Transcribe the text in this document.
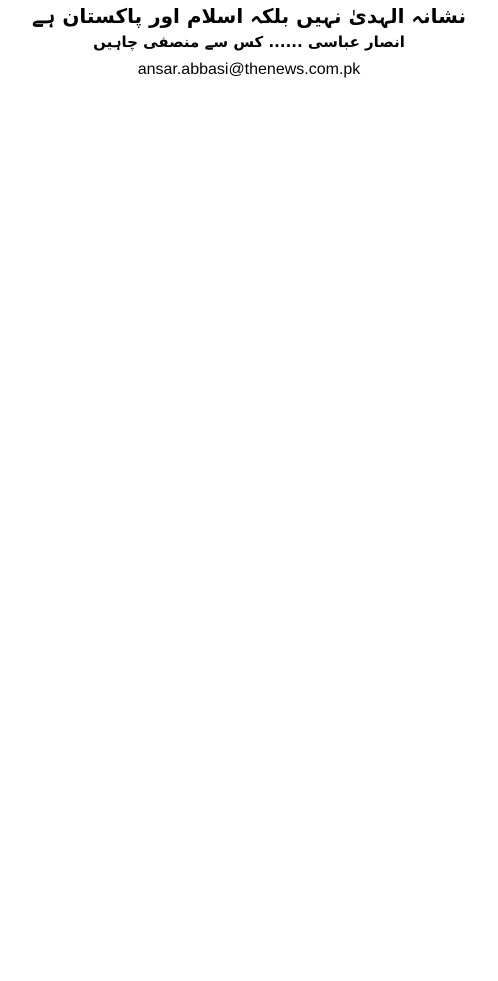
نشانہ الہدیٰ نہیں بلکہ اسلام اور پاکستان ہے
انصار عباسی ...... کس سے منصفی چاہیں
ansar.abbasi@thenews.com.pk
